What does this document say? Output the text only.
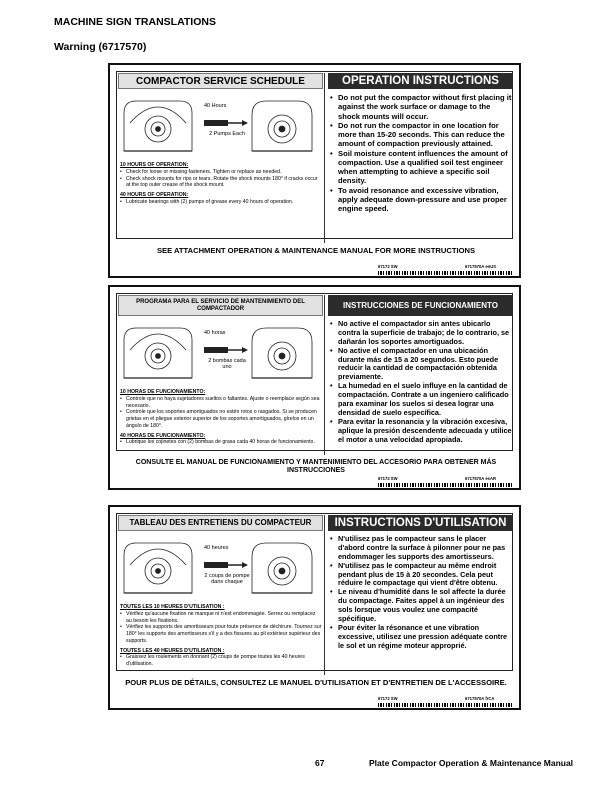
MACHINE SIGN TRANSLATIONS
Warning (6717570)
COMPACTOR SERVICE SCHEDULE	OPERATION INSTRUCTIONS
40 Hours
2 Pumps Each
10 HOURS OF OPERATION:
• Check for loose or missing fasteners. Tighten or replace as needed.
• Check shock mounts for rips or tears. Rotate the shock mounts 180° if cracks occur at the top outer crease of the shock mount.
40 HOURS OF OPERATION:
• Lubricate bearings with (2) pumps of grease every 40 hours of operation.
• Do not put the compactor without first placing it against the work surface or damage to the shock mounts will occur.
• Do not run the compactor in one location for more than 15-20 seconds. This can reduce the amount of compaction previously attained.
• Soil moisture content influences the amount of compaction. Use a qualified soil test engineer when attempting to achieve a specific soil density.
• To avoid resonance and excessive vibration, apply adequate down-pressure and use proper engine speed.
SEE ATTACHMENT OPERATION & MAINTENANCE MANUAL FOR MORE INSTRUCTIONS
67172 SW	6717570A enUS
PROGRAMA PARA EL SERVICIO DE MANTENIMIENTO DEL COMPACTADOR	INSTRUCCIONES DE FUNCIONAMIENTO
40 horas
2 bombas cada uno
10 HORAS DE FUNCIONAMIENTO:
• Controle que no haya sujetadores sueltos o faltantes. Ajuste o reemplace según sea necesario.
• Controle que los soportes amortiguados no estén rotos o rasgados. Si se producen grietas en el pliegue exterior superior de los soportes amortiguados, gírelos en un ángulo de 180°.
40 HORAS DE FUNCIONAMIENTO:
• Lubrique los cojinetes con (2) bombas de grasa cada 40 horas de funcionamiento.
• No active el compactador sin antes ubicarlo contra la superficie de trabajo; de lo contrario, se dañarán los soportes amortiguados.
• No active el compactador en una ubicación durante más de 15 a 20 segundos. Esto puede reducir la cantidad de compactación obtenida previamente.
• La humedad en el suelo influye en la cantidad de compactación. Contrate a un ingeniero calificado para examinar los suelos si desea lograr una densidad de suelo específica.
• Para evitar la resonancia y la vibración excesiva, aplique la presión descendente adecuada y utilice el motor a una velocidad apropiada.
CONSULTE EL MANUAL DE FUNCIONAMIENTO Y MANTENIMIENTO DEL ACCESORIO PARA OBTENER MÁS INSTRUCCIONES
67172 SW	6717570A esAR
TABLEAU DES ENTRETIENS DU COMPACTEUR	INSTRUCTIONS D'UTILISATION
40 heures
2 coups de pompe dans chaque
TOUTES LES 10 HEURES D'UTILISATION :
• Vérifiez qu'aucune fixation ne manque ni n'est endommagée. Serrez ou remplacez au besoin les fixations.
• Vérifiez les supports des amortisseurs pour toute présence de déchirure. Tournez sur 180° les supports des amortisseurs s'il y a des fissures au pli extérieur supérieur des supports.
TOUTES LES 40 HEURES D'UTILISATION :
• Graissez les roulements en donnant (2) coups de pompe toutes les 40 heures d'utilisation.
• N'utilisez pas le compacteur sans le placer d'abord contre la surface à pilonner pour ne pas endommager les supports des amortisseurs.
• N'utilisez pas le compacteur au même endroit pendant plus de 15 à 20 secondes. Cela peut réduire le compactage qui vient d'être obtenu.
• Le niveau d'humidité dans le sol affecte la durée du compactage. Faites appel à un ingénieur des sols lorsque vous voulez une compacité spécifique.
• Pour éviter la résonance et une vibration excessive, utilisez une pression adéquate contre le sol et un régime moteur approprié.
POUR PLUS DE DÉTAILS, CONSULTEZ LE MANUEL D'UTILISATION ET D'ENTRETIEN DE L'ACCESSOIRE.
67172 SW	6717570A frCA
67	Plate Compactor Operation & Maintenance Manual
